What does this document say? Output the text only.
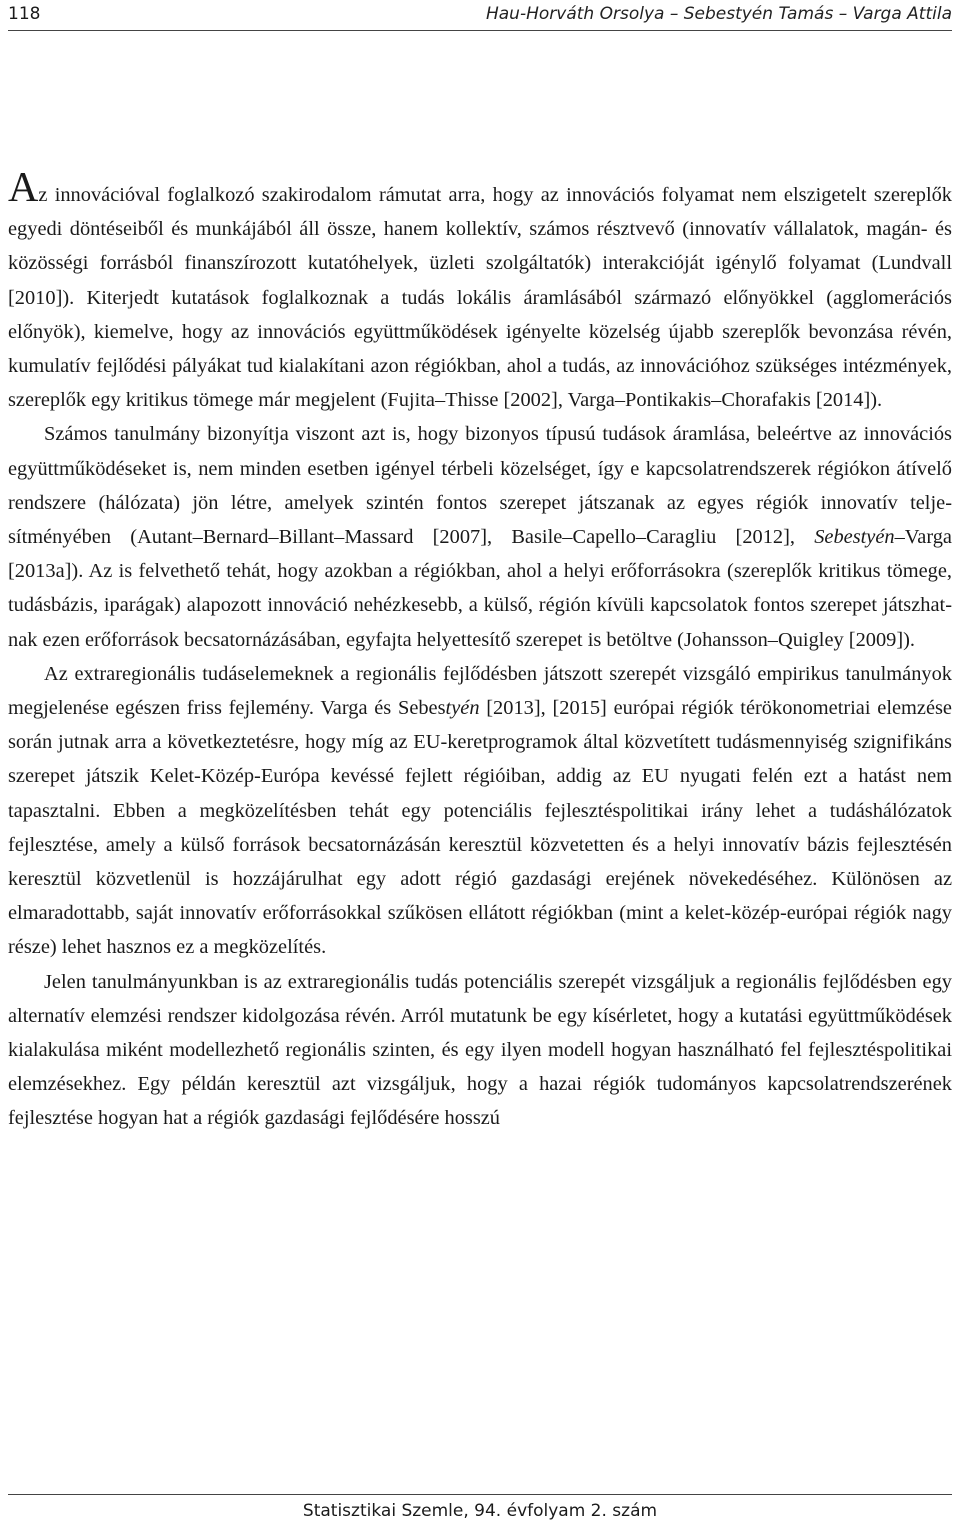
118	Hau-Horváth Orsolya – Sebestyén Tamás – Varga Attila

Az innovációval foglalkozó szakirodalom rámutat arra, hogy az innovációs folyamat nem elszigetelt szereplők egyedi döntéseiből és munkájából áll össze, hanem kollektív, számos résztvevő (innovatív vállalatok, magán- és közösségi forrásból finanszírozott kutatóhelyek, üzleti szolgáltatók) interakcióját igénylő folyamat (Lundvall [2010]). Kiterjedt kutatások foglalkoznak a tudás lokális áramlásából származó előnyökkel (agglomerációs előnyök), kiemelve, hogy az innovációs együttműködések igényelte közelség újabb szereplők bevonzása révén, kumulatív fejlődési pályákat tud kialakítani azon régiókban, ahol a tudás, az innovációhoz szükséges intézmények, szereplők egy kritikus tömege már megjelent (Fujita–Thisse [2002], Varga–Pontikakis–Chorafakis [2014]).

Számos tanulmány bizonyítja viszont azt is, hogy bizonyos típusú tudások áramlása, beleértve az innovációs együttműködéseket is, nem minden esetben igényel térbeli közelséget, így e kapcsolatrendszerek régiókon átívelő rendszere (hálózata) jön létre, amelyek szintén fontos szerepet játszanak az egyes régiók innovatív teljesítményében (Autant–Bernard–Billant–Massard [2007], Basile–Capello–Caragliu [2012], Sebestyén–Varga [2013a]). Az is felvethető tehát, hogy azokban a régiókban, ahol a helyi erőforrásokra (szereplők kritikus tömege, tudásbázis, iparágak) alapozott innováció nehézkesebb, a külső, régión kívüli kapcsolatok fontos szerepet játszhatnak ezen erőforrások becsatornázásában, egyfajta helyettesítő szerepet is betöltve (Johansson–Quigley [2009]).

Az extraregionális tudáselemeknek a regionális fejlődésben játszott szerepét vizsgáló empirikus tanulmányok megjelenése egészen friss fejlemény. Varga és Sebestyén [2013], [2015] európai régiók térökonometriai elemzése során jutnak arra a következtetésre, hogy míg az EU-keretprogramok által közvetített tudásmennyiség szignifikáns szerepet játszik Kelet-Közép-Európa kevéssé fejlett régióiban, addig az EU nyugati felén ezt a hatást nem tapasztalni. Ebben a megközelítésben tehát egy potenciális fejlesztéspolitikai irány lehet a tudáshálózatok fejlesztése, amely a külső források becsatornázásán keresztül közvetetten és a helyi innovatív bázis fejlesztésén keresztül közvetlenül is hozzájárulhat egy adott régió gazdasági erejének növekedéséhez. Különösen az elmaradottabb, saját innovatív erőforrásokkal szűkösen ellátott régiókban (mint a kelet-közép-európai régiók nagy része) lehet hasznos ez a megközelítés.

Jelen tanulmányunkban is az extraregionális tudás potenciális szerepét vizsgáljuk a regionális fejlődésben egy alternatív elemzési rendszer kidolgozása révén. Arról mutatunk be egy kísérletet, hogy a kutatási együttműködések kialakulása miként modellezhető regionális szinten, és egy ilyen modell hogyan használható fel fejlesztéspolitikai elemzésekhez. Egy példán keresztül azt vizsgáljuk, hogy a hazai régiók tudományos kapcsolatrendszerének fejlesztése hogyan hat a régiók gazdasági fejlődésére hosszú

Statisztikai Szemle, 94. évfolyam 2. szám
